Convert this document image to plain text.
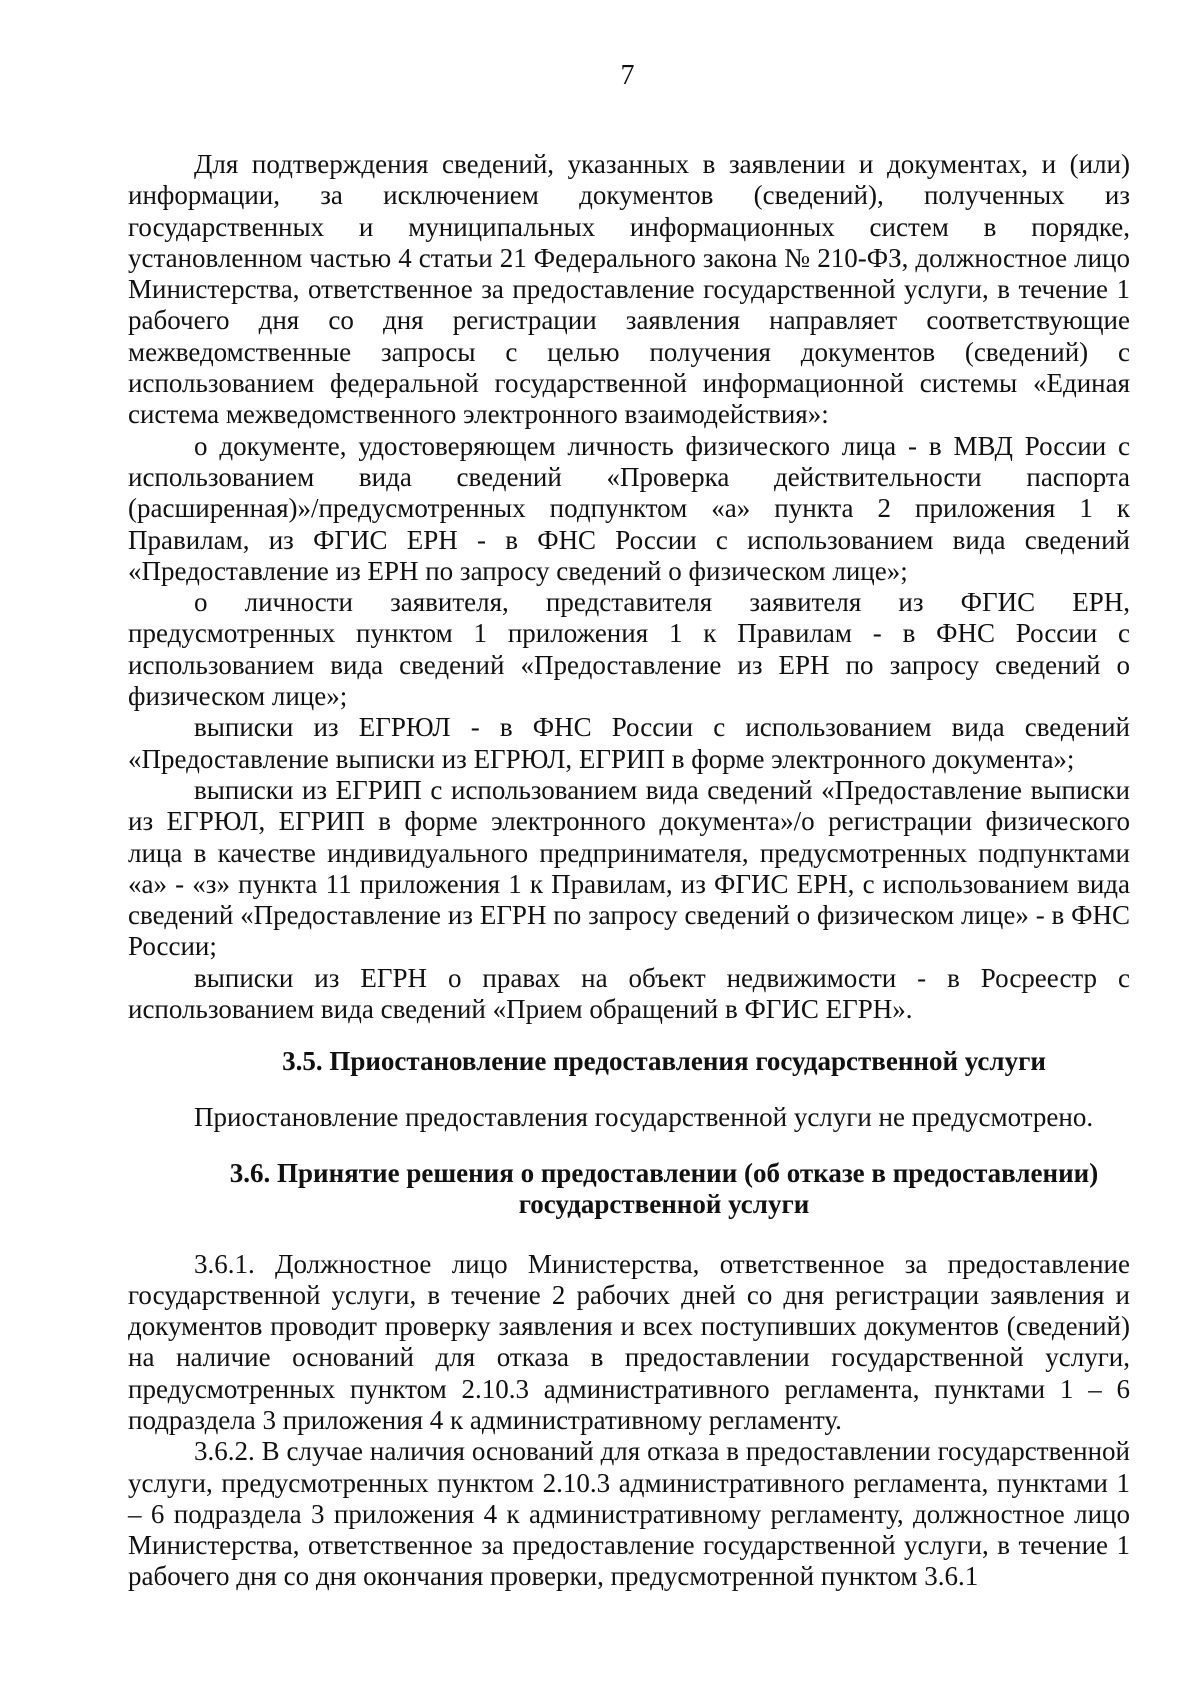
7

Для подтверждения сведений, указанных в заявлении и документах, и (или) информации, за исключением документов (сведений), полученных из государственных и муниципальных информационных систем в порядке, установленном частью 4 статьи 21 Федерального закона № 210-ФЗ, должностное лицо Министерства, ответственное за предоставление государственной услуги, в течение 1 рабочего дня со дня регистрации заявления направляет соответствующие межведомственные запросы с целью получения документов (сведений) с использованием федеральной государственной информационной системы «Единая система межведомственного электронного взаимодействия»:

о документе, удостоверяющем личность физического лица - в МВД России с использованием вида сведений «Проверка действительности паспорта (расширенная)»/предусмотренных подпунктом «а» пункта 2 приложения 1 к Правилам, из ФГИС ЕРН - в ФНС России с использованием вида сведений «Предоставление из ЕРН по запросу сведений о физическом лице»;

о личности заявителя, представителя заявителя из ФГИС ЕРН, предусмотренных пунктом 1 приложения 1 к Правилам - в ФНС России с использованием вида сведений «Предоставление из ЕРН по запросу сведений о физическом лице»;

выписки из ЕГРЮЛ - в ФНС России с использованием вида сведений «Предоставление выписки из ЕГРЮЛ, ЕГРИП в форме электронного документа»;

выписки из ЕГРИП с использованием вида сведений «Предоставление выписки из ЕГРЮЛ, ЕГРИП в форме электронного документа»/о регистрации физического лица в качестве индивидуального предпринимателя, предусмотренных подпунктами «а» - «з» пункта 11 приложения 1 к Правилам, из ФГИС ЕРН, с использованием вида сведений «Предоставление из ЕГРН по запросу сведений о физическом лице» - в ФНС России;

выписки из ЕГРН о правах на объект недвижимости - в Росреестр с использованием вида сведений «Прием обращений в ФГИС ЕГРН».

3.5. Приостановление предоставления государственной услуги

Приостановление предоставления государственной услуги не предусмотрено.

3.6. Принятие решения о предоставлении (об отказе в предоставлении)
государственной услуги

3.6.1. Должностное лицо Министерства, ответственное за предоставление государственной услуги, в течение 2 рабочих дней со дня регистрации заявления и документов проводит проверку заявления и всех поступивших документов (сведений) на наличие оснований для отказа в предоставлении государственной услуги, предусмотренных пунктом 2.10.3 административного регламента, пунктами 1 – 6 подраздела 3 приложения 4 к административному регламенту.

3.6.2. В случае наличия оснований для отказа в предоставлении государственной услуги, предусмотренных пунктом 2.10.3 административного регламента, пунктами 1 – 6 подраздела 3 приложения 4 к административному регламенту, должностное лицо Министерства, ответственное за предоставление государственной услуги, в течение 1 рабочего дня со дня окончания проверки, предусмотренной пунктом 3.6.1
